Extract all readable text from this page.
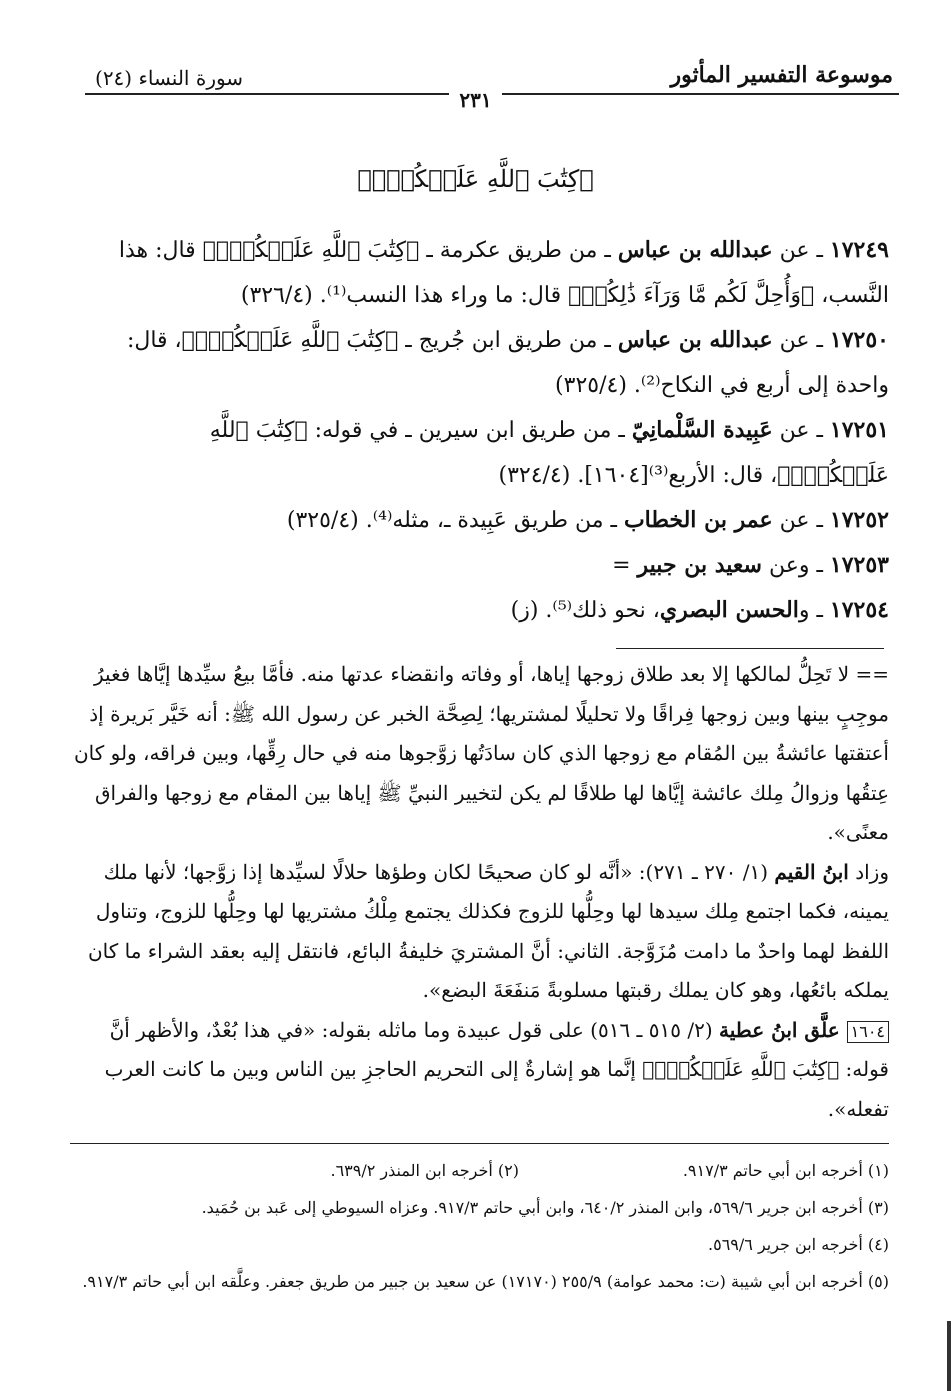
سورة النساء (٢٤)	موسوعة التفسير المأثور
٢٣١
﴿كِتَٰبَ ٱللَّهِ عَلَيۡكُمۡۚ﴾

١٧٢٤٩ ـ عن عبدالله بن عباس ـ من طريق عكرمة ـ ﴿كِتَٰبَ ٱللَّهِ عَلَيۡكُمۡۚ﴾ قال: هذا النَّسب، ﴿وَأُحِلَّ لَكُم مَّا وَرَآءَ ذَٰلِكُمۡ﴾ قال: ما وراء هذا النسب⁽¹⁾. (٣٢٦/٤)

١٧٢٥٠ ـ عن عبدالله بن عباس ـ من طريق ابن جُريج ـ ﴿كِتَٰبَ ٱللَّهِ عَلَيۡكُمۡۚ﴾، قال: واحدة إلى أربع في النكاح⁽²⁾. (٣٢٥/٤)

١٧٢٥١ ـ عن عَبِيدة السَّلْمانِيّ ـ من طريق ابن سيرين ـ في قوله: ﴿كِتَٰبَ ٱللَّهِ عَلَيۡكُمۡۚ﴾، قال: الأربع⁽³⁾[١٦٠٤]. (٣٢٤/٤)

١٧٢٥٢ ـ عن عمر بن الخطاب ـ من طريق عَبِيدة ـ، مثله⁽⁴⁾. (٣٢٥/٤)

١٧٢٥٣ ـ وعن سعيد بن جبير =

١٧٢٥٤ ـ والحسن البصري، نحو ذلك⁽⁵⁾. (ز)

== لا تَحِلُّ لمالكها إلا بعد طلاق زوجها إياها، أو وفاته وانقضاء عدتها منه. فأمَّا بيعُ سيِّدها إيَّاها فغيرُ موجِبٍ بينها وبين زوجها فِراقًا ولا تحليلًا لمشتريها؛ لِصِحَّة الخبر عن رسول الله ﷺ: أنه خَيَّر بَريرة إذ أعتقتها عائشةُ بين المُقام مع زوجها الذي كان سادَتُها زوَّجوها منه في حال رِقِّها، وبين فراقه، ولو كان عِتقُها وزوالُ مِلك عائشة إيَّاها لها طلاقًا لم يكن لتخيير النبيِّ ﷺ إياها بين المقام مع زوجها والفراق معنًى».

وزاد ابنُ القيم (١/ ٢٧٠ ـ ٢٧١): «أنَّه لو كان صحيحًا لكان وطؤها حلالًا لسيِّدها إذا زوَّجها؛ لأنها ملك يمينه، فكما اجتمع مِلك سيدها لها وحِلُّها للزوج فكذلك يجتمع مِلْكُ مشتريها لها وحِلُّها للزوج، وتناول اللفظ لهما واحدٌ ما دامت مُزَوَّجة. الثاني: أنَّ المشتريَ خليفةُ البائع، فانتقل إليه بعقد الشراء ما كان يملكه بائعُها، وهو كان يملك رقبتها مسلوبةً مَنفَعَةَ البضع».

١٦٠٤ علَّق ابنُ عطية (٢/ ٥١٥ ـ ٥١٦) على قول عبيدة وما ماثله بقوله: «في هذا بُعْدٌ، والأظهر أنَّ قوله: ﴿كِتَٰبَ ٱللَّهِ عَلَيۡكُمۡۚ﴾ إنَّما هو إشارةٌ إلى التحريم الحاجزِ بين الناس وبين ما كانت العرب تفعله».

(١) أخرجه ابن أبي حاتم ٩١٧/٣.
(٢) أخرجه ابن المنذر ٦٣٩/٢.

(٣) أخرجه ابن جرير ٥٦٩/٦، وابن المنذر ٦٤٠/٢، وابن أبي حاتم ٩١٧/٣. وعزاه السيوطي إلى عَبد بن حُمَيد.

(٤) أخرجه ابن جرير ٥٦٩/٦.

(٥) أخرجه ابن أبي شيبة (ت: محمد عوامة) ٢٥٥/٩ (١٧١٧٠) عن سعيد بن جبير من طريق جعفر. وعلَّقه ابن أبي حاتم ٩١٧/٣.
